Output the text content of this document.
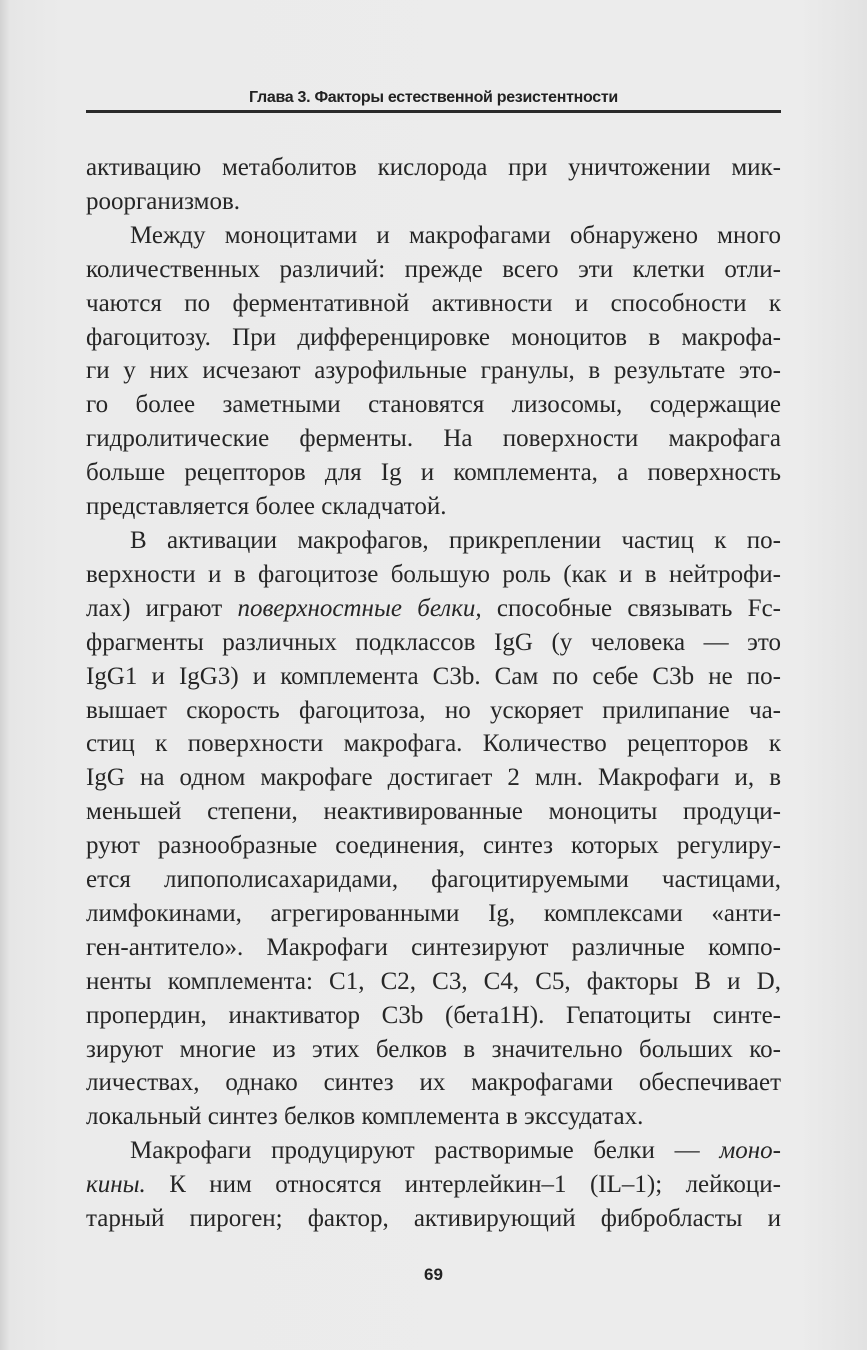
Глава 3. Факторы естественной резистентности
активацию метаболитов кислорода при уничтожении мик-
роорганизмов.
Между моноцитами и макрофагами обнаружено много
количественных различий: прежде всего эти клетки отли-
чаются по ферментативной активности и способности к
фагоцитозу. При дифференцировке моноцитов в макрофа-
ги у них исчезают азурофильные гранулы, в результате это-
го более заметными становятся лизосомы, содержащие
гидролитические ферменты. На поверхности макрофага
больше рецепторов для Ig и комплемента, а поверхность
представляется более складчатой.
В активации макрофагов, прикреплении частиц к по-
верхности и в фагоцитозе большую роль (как и в нейтрофи-
лах) играют поверхностные белки, способные связывать Fc-
фрагменты различных подклассов IgG (у человека — это
IgG1 и IgG3) и комплемента C3b. Сам по себе C3b не по-
вышает скорость фагоцитоза, но ускоряет прилипание ча-
стиц к поверхности макрофага. Количество рецепторов к
IgG на одном макрофаге достигает 2 млн. Макрофаги и, в
меньшей степени, неактивированные моноциты продуци-
руют разнообразные соединения, синтез которых регулиру-
ется липополисахаридами, фагоцитируемыми частицами,
лимфокинами, агрегированными Ig, комплексами «анти-
ген-антитело». Макрофаги синтезируют различные компо-
ненты комплемента: C1, C2, C3, C4, C5, факторы B и D,
пропердин, инактиватор C3b (бета1H). Гепатоциты синте-
зируют многие из этих белков в значительно больших ко-
личествах, однако синтез их макрофагами обеспечивает
локальный синтез белков комплемента в экссудатах.
Макрофаги продуцируют растворимые белки — моно-
кины. К ним относятся интерлейкин–1 (IL–1); лейкоци-
тарный пироген; фактор, активирующий фибробласты и
69
